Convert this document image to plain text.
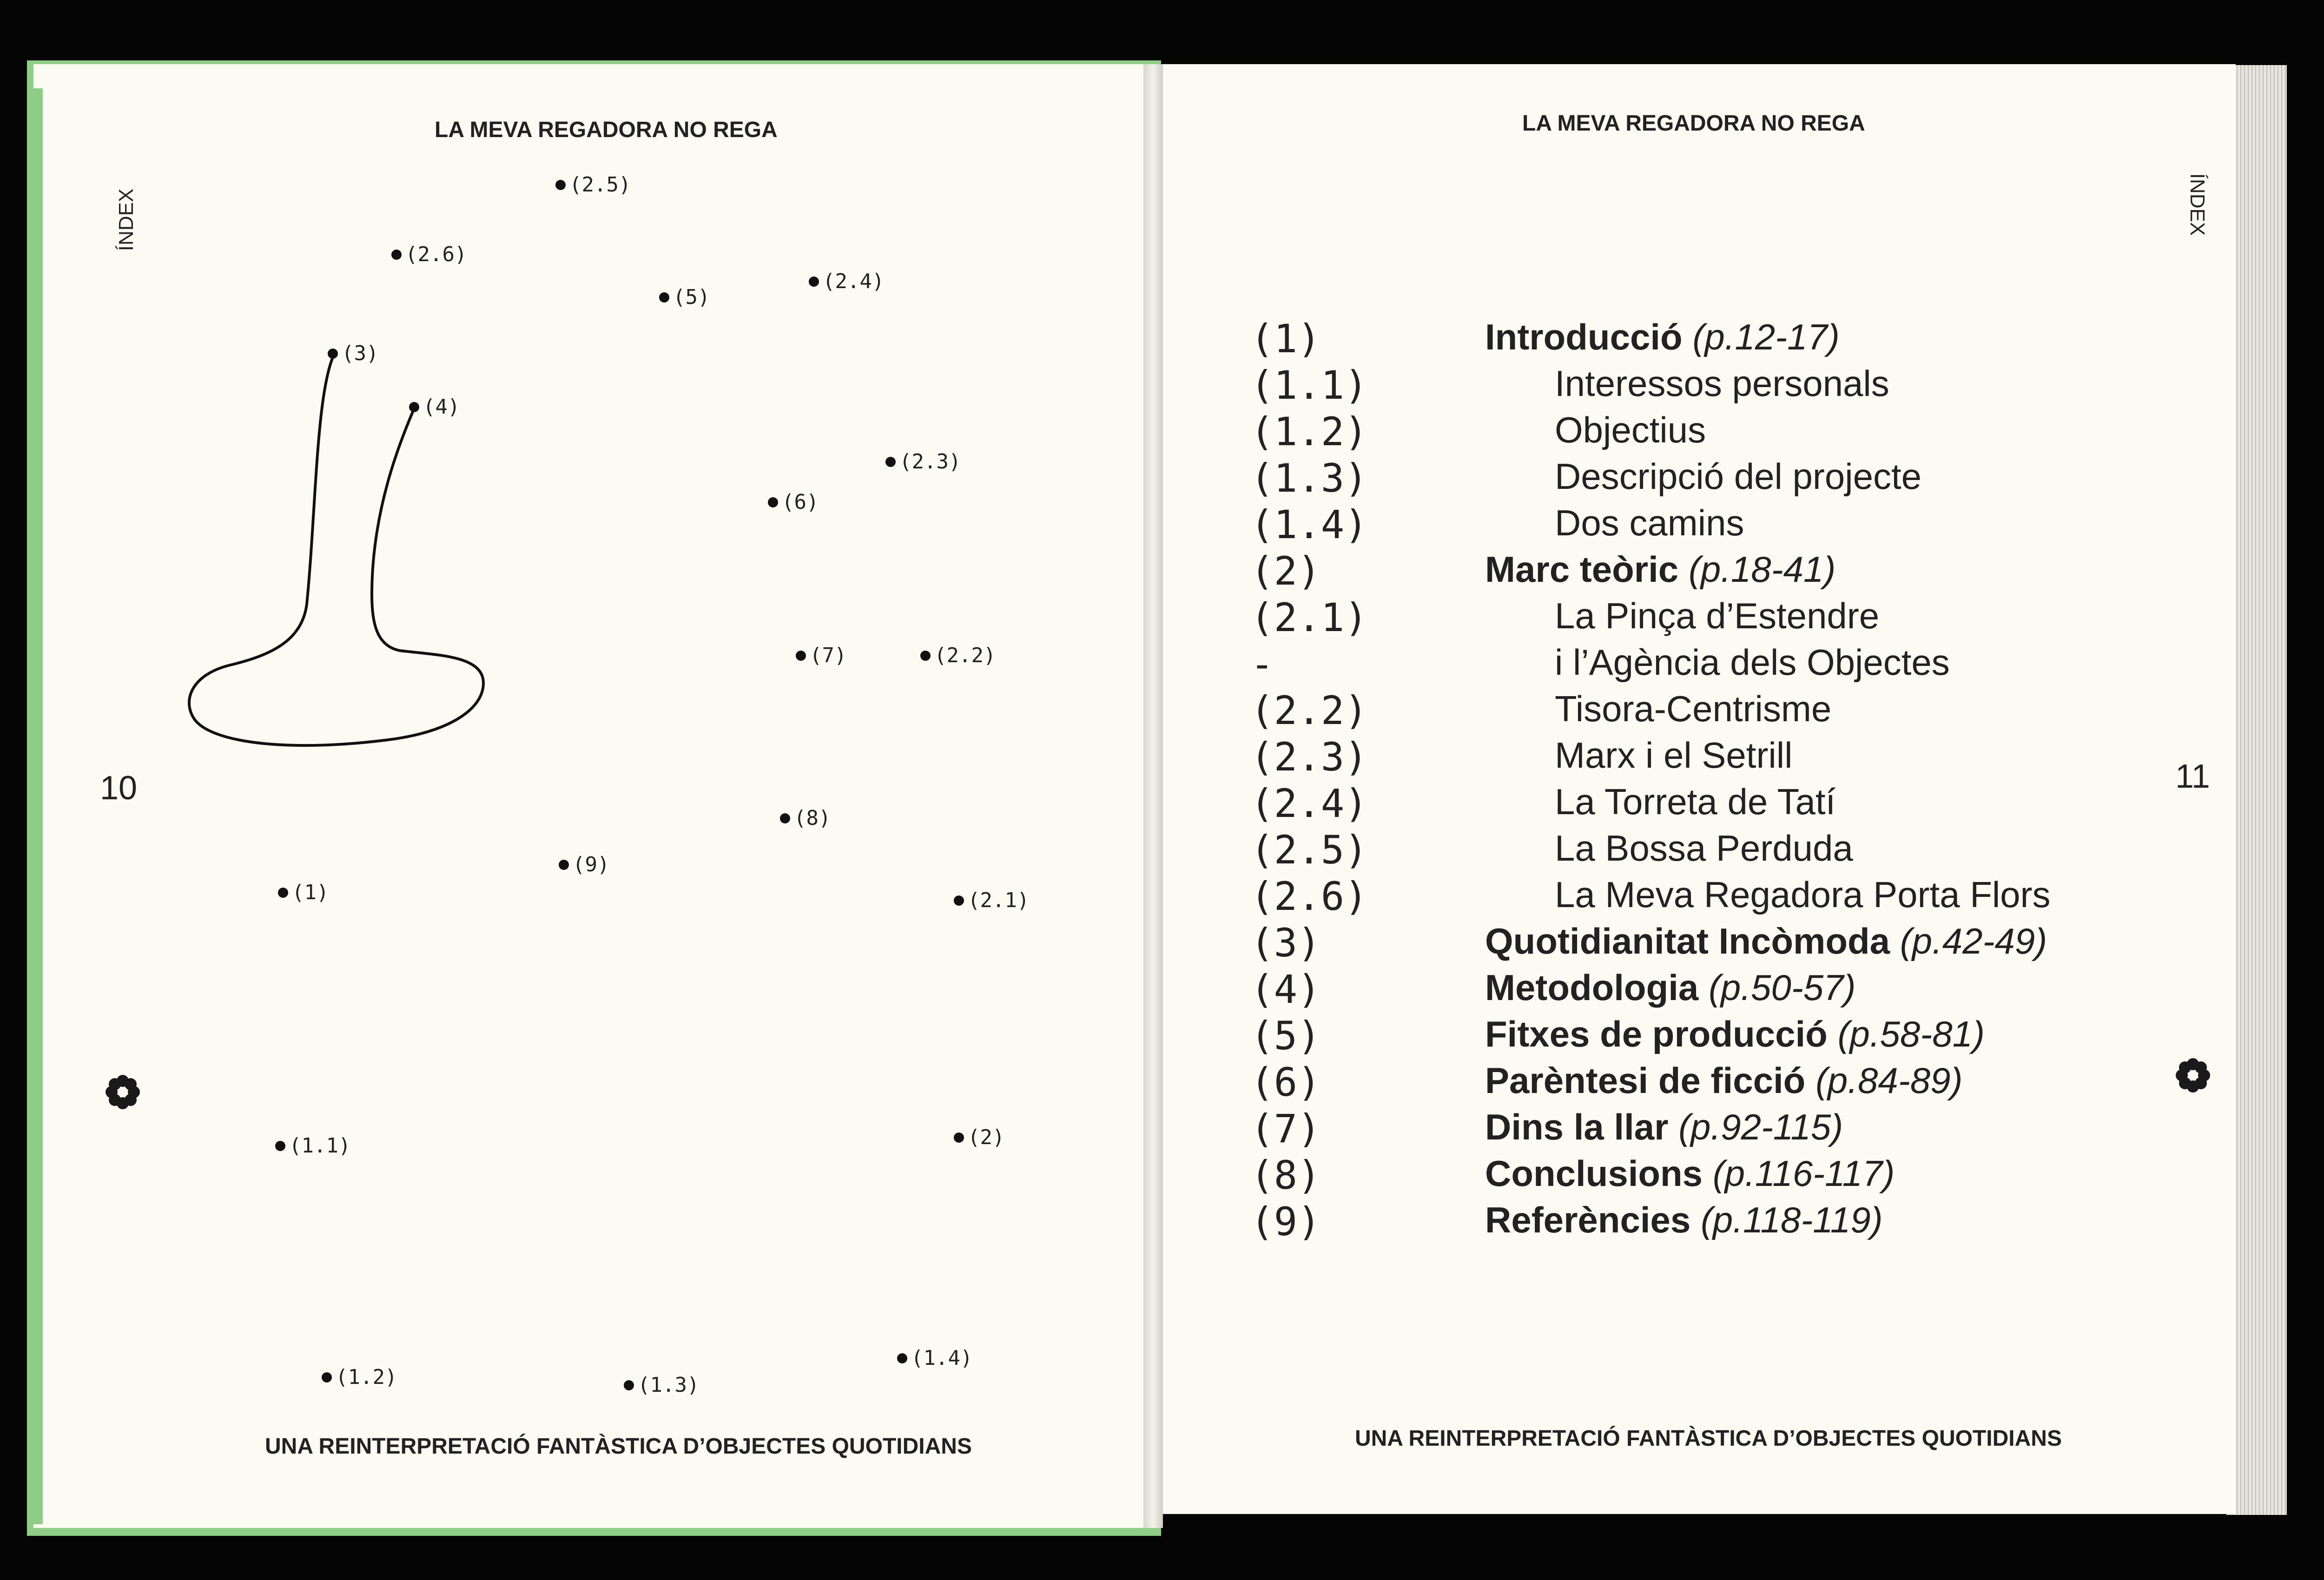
LA MEVA REGADORA NO REGA
ÍNDEX
10
(2.5)
(2.6)
(5)
(2.4)
(3)
(4)
(2.3)
(6)
(7)	(2.2)
(8)
(9)
(1)	(2.1)
(1.1)	(2)
(1.2)	(1.3)
(1.4)
UNA REINTERPRETACIÓ FANTÀSTICA D’OBJECTES QUOTIDIANS
LA MEVA REGADORA NO REGA
ÍNDEX
11
(1)	Introducció (p.12-17)
(1.1)	Interessos personals
(1.2)	Objectius
(1.3)	Descripció del projecte
(1.4)	Dos camins
(2)	Marc teòric (p.18-41)
(2.1)	La Pinça d’Estendre
-	i l’Agència dels Objectes
(2.2)	Tisora-Centrisme
(2.3)	Marx i el Setrill
(2.4)	La Torreta de Tatí
(2.5)	La Bossa Perduda
(2.6)	La Meva Regadora Porta Flors
(3)	Quotidianitat Incòmoda (p.42-49)
(4)	Metodologia (p.50-57)
(5)	Fitxes de producció (p.58-81)
(6)	Parèntesi de ficció (p.84-89)
(7)	Dins la llar (p.92-115)
(8)	Conclusions (p.116-117)
(9)	Referències (p.118-119)
UNA REINTERPRETACIÓ FANTÀSTICA D’OBJECTES QUOTIDIANS
